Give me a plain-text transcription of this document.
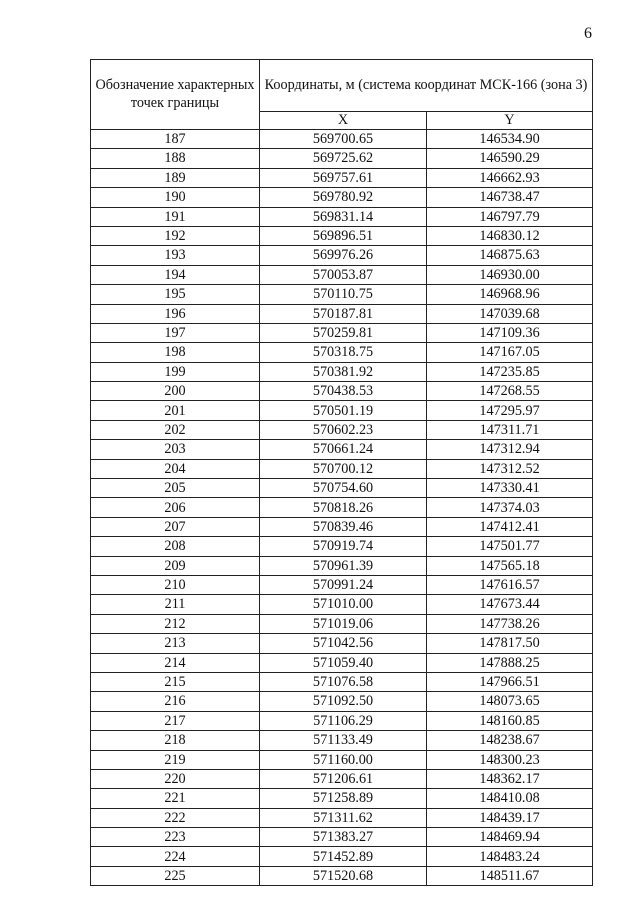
6
Обозначение характерных точек границы	Координаты, м (система координат МСК-166 (зона 3)	
	X	Y
187	569700.65	146534.90
188	569725.62	146590.29
189	569757.61	146662.93
190	569780.92	146738.47
191	569831.14	146797.79
192	569896.51	146830.12
193	569976.26	146875.63
194	570053.87	146930.00
195	570110.75	146968.96
196	570187.81	147039.68
197	570259.81	147109.36
198	570318.75	147167.05
199	570381.92	147235.85
200	570438.53	147268.55
201	570501.19	147295.97
202	570602.23	147311.71
203	570661.24	147312.94
204	570700.12	147312.52
205	570754.60	147330.41
206	570818.26	147374.03
207	570839.46	147412.41
208	570919.74	147501.77
209	570961.39	147565.18
210	570991.24	147616.57
211	571010.00	147673.44
212	571019.06	147738.26
213	571042.56	147817.50
214	571059.40	147888.25
215	571076.58	147966.51
216	571092.50	148073.65
217	571106.29	148160.85
218	571133.49	148238.67
219	571160.00	148300.23
220	571206.61	148362.17
221	571258.89	148410.08
222	571311.62	148439.17
223	571383.27	148469.94
224	571452.89	148483.24
225	571520.68	148511.67
